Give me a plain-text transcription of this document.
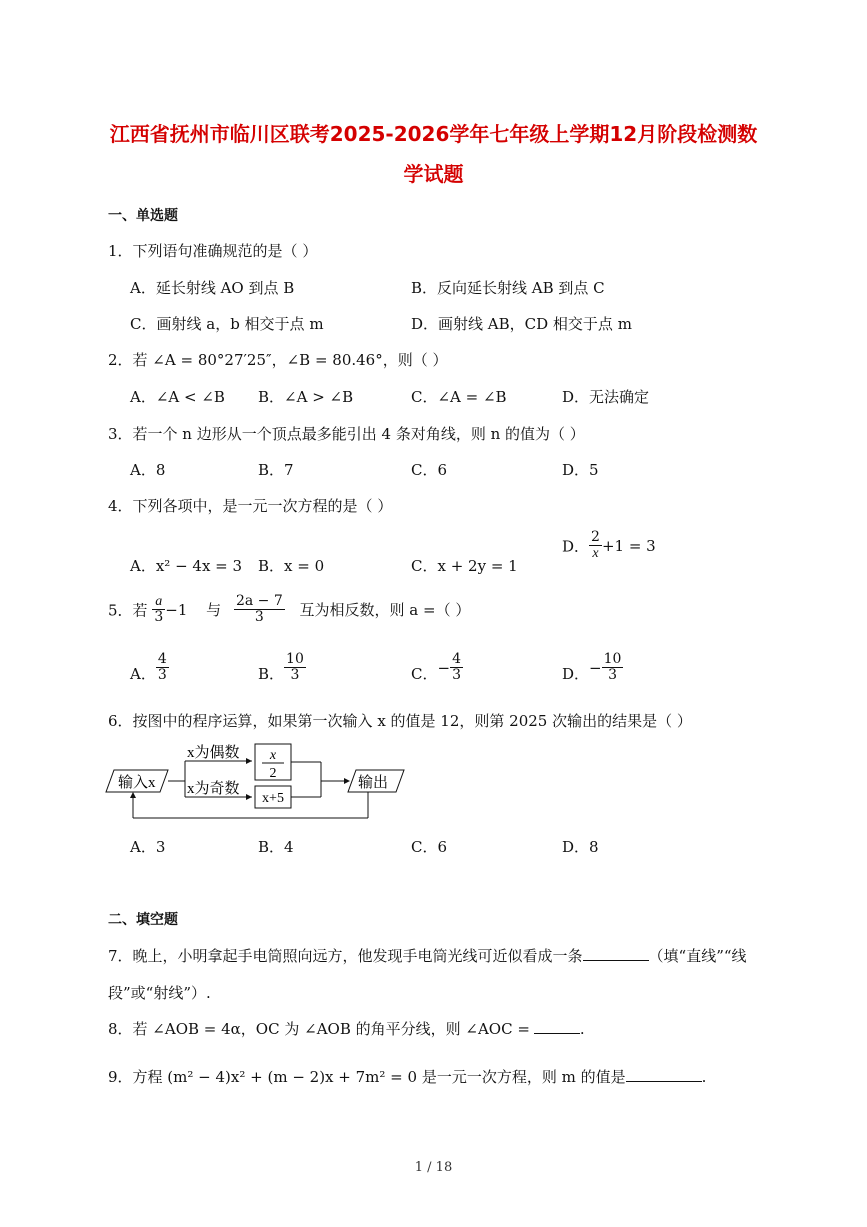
江西省抚州市临川区联考2025-2026学年七年级上学期12月阶段检测数
学试题
一、单选题
1．下列语句准确规范的是（ ）
A．延长射线 AO 到点 B	B．反向延长射线 AB 到点 C
C．画射线 a，b 相交于点 m	D．画射线 AB，CD 相交于点 m
2．若 ∠A = 80°27′25″，∠B = 80.46°，则（ ）
A．∠A < ∠B B．∠A > ∠B	C．∠A = ∠B	D．无法确定
3．若一个 n 边形从一个顶点最多能引出 4 条对角线，则 n 的值为（ ）
A．8	B．7	C．6	D．5
4．下列各项中，是一元一次方程的是（ ）
A．x² − 4x = 3 B．x = 0	C．x + 2y = 1
D． $\frac{2}{x} +1 = 3$
5．若 $\frac{a}{3} -1$ 与 $\frac{2a - 7}{3}$ 互为相反数，则 a =（ ）
A． $\frac{4}{3}$	B． $\frac{10}{3}$	C．− $\frac{4}{3}$	D．− $\frac{10}{3}$
6．按图中的程序运算，如果第一次输入 x 的值是 12，则第 2025 次输出的结果是（ ）
输入x
x为偶数
x为奇数
x
2
x+5
输出
A．3	B．4	C．6	D．8
二、填空题
7．晚上，小明拿起手电筒照向远方，他发现手电筒光线可近似看成一条	（填“直线”“线
段”或“射线”）.
8．若 ∠AOB = 4α，OC 为 ∠AOB 的角平分线，则 ∠AOC =	.
9．方程 (m² − 4)x² + (m − 2)x + 7m² = 0 是一元一次方程，则 m 的值是	.
1 / 18
